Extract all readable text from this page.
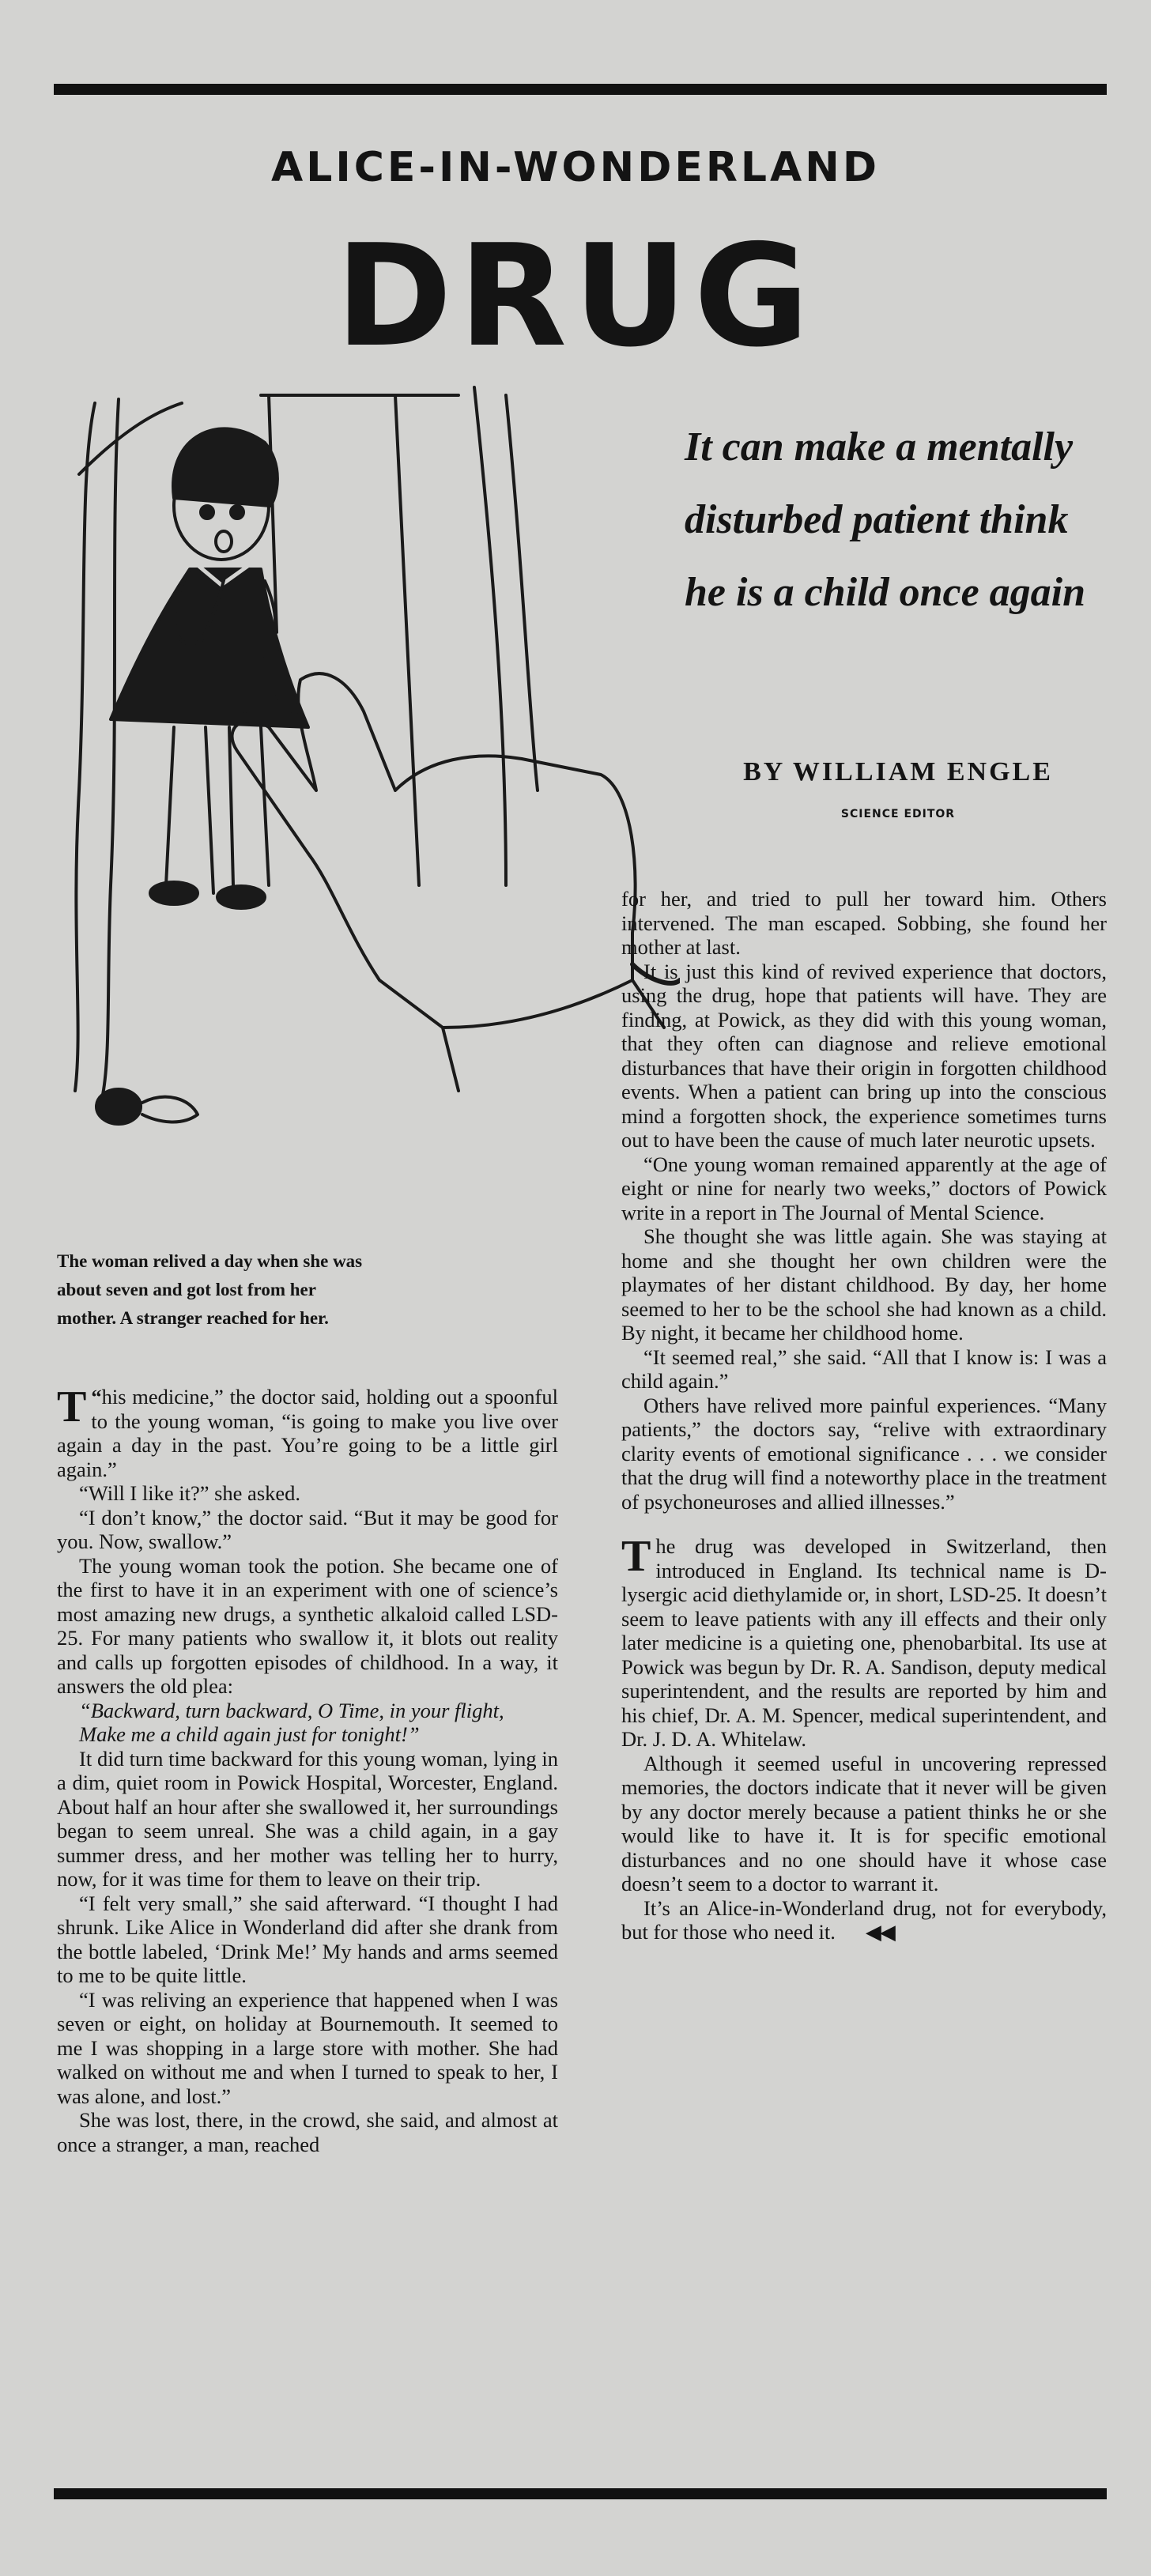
ALICE-IN-WONDERLAND
DRUG
It can make a mentally
disturbed patient think
he is a child once again
BY WILLIAM ENGLE
SCIENCE EDITOR
The woman relived a day when she was
about seven and got lost from her
mother. A stranger reached for her.

“
T his medicine,” the doctor said, holding out a spoonful to the young woman, “is going to make you live over again a day in the past. You’re going to be a little girl again.”

“Will I like it?” she asked.

“I don’t know,” the doctor said. “But it may be good for you. Now, swallow.”

The young woman took the potion. She became one of the first to have it in an experiment with one of science’s most amazing new drugs, a synthetic alkaloid called LSD-25. For many patients who swallow it, it blots out reality and calls up forgotten episodes of childhood. In a way, it answers the old plea:

“Backward, turn backward, O Time, in your flight,

Make me a child again just for tonight!”

It did turn time backward for this young woman, lying in a dim, quiet room in Powick Hospital, Worcester, England. About half an hour after she swallowed it, her surroundings began to seem unreal. She was a child again, in a gay summer dress, and her mother was telling her to hurry, now, for it was time for them to leave on their trip.

“I felt very small,” she said afterward. “I thought I had shrunk. Like Alice in Wonderland did after she drank from the bottle labeled, ‘Drink Me!’ My hands and arms seemed to me to be quite little.

“I was reliving an experience that happened when I was seven or eight, on holiday at Bournemouth. It seemed to me I was shopping in a large store with mother. She had walked on without me and when I turned to speak to her, I was alone, and lost.”

She was lost, there, in the crowd, she said, and almost at once a stranger, a man, reached

for her, and tried to pull her toward him. Others intervened. The man escaped. Sobbing, she found her mother at last.

It is just this kind of revived experience that doctors, using the drug, hope that patients will have. They are finding, at Powick, as they did with this young woman, that they often can diagnose and relieve emotional disturbances that have their origin in forgotten childhood events. When a patient can bring up into the conscious mind a forgotten shock, the experience sometimes turns out to have been the cause of much later neurotic upsets.

“One young woman remained apparently at the age of eight or nine for nearly two weeks,” doctors of Powick write in a report in The Journal of Mental Science.

She thought she was little again. She was staying at home and she thought her own children were the playmates of her distant childhood. By day, her home seemed to her to be the school she had known as a child. By night, it became her childhood home.

“It seemed real,” she said. “All that I know is: I was a child again.”

Others have relived more painful experiences. “Many patients,” the doctors say, “relive with extraordinary clarity events of emotional significance . . . we consider that the drug will find a noteworthy place in the treatment of psychoneuroses and allied illnesses.”

The drug was developed in Switzerland, then introduced in England. Its technical name is D-lysergic acid diethylamide or, in short, LSD-25. It doesn’t seem to leave patients with any ill effects and their only later medicine is a quieting one, phenobarbital. Its use at Powick was begun by Dr. R. A. Sandison, deputy medical superintendent, and the results are reported by him and his chief, Dr. A. M. Spencer, medical superintendent, and Dr. J. D. A. Whitelaw.

Although it seemed useful in uncovering repressed memories, the doctors indicate that it never will be given by any doctor merely because a patient thinks he or she would like to have it. It is for specific emotional disturbances and no one should have it whose case doesn’t seem to a doctor to warrant it.

It’s an Alice-in-Wonderland drug, not for everybody, but for those who need it. ◀◀
